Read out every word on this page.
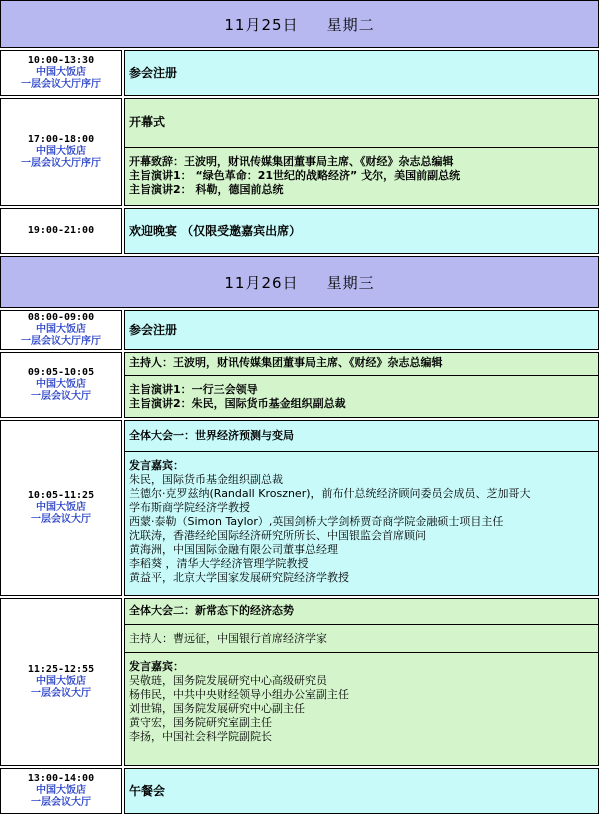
11月25日 星期二
10:00-13:30
中国大饭店
一层会议大厅序厅
参会注册
17:00-18:00
中国大饭店
一层会议大厅序厅
开幕式
开幕致辞：王波明，财讯传媒集团董事局主席、《财经》杂志总编辑
主旨演讲1： “绿色革命：21世纪的战略经济” 戈尔，美国前副总统
主旨演讲2： 科勒，德国前总统
19:00-21:00	欢迎晚宴 （仅限受邀嘉宾出席）
11月26日 星期三
08:00-09:00
中国大饭店
一层会议大厅序厅
参会注册
09:05-10:05
中国大饭店
一层会议大厅
主持人：王波明，财讯传媒集团董事局主席、《财经》杂志总编辑
主旨演讲1：一行三会领导
主旨演讲2：朱民，国际货币基金组织副总裁
10:05-11:25
中国大饭店
一层会议大厅
全体大会一：世界经济预测与变局
发言嘉宾：
朱民，国际货币基金组织副总裁
兰德尔·克罗兹纳(Randall Kroszner)，前布什总统经济顾问委员会成员、芝加哥大
学布斯商学院经济学教授
西蒙·泰勒（Simon Taylor）,英国剑桥大学剑桥贾奇商学院金融硕士项目主任
沈联涛，香港经纶国际经济研究所所长、中国银监会首席顾问
黄海洲，中国国际金融有限公司董事总经理
李稻葵 ，清华大学经济管理学院教授
黄益平，北京大学国家发展研究院经济学教授
11:25-12:55
中国大饭店
一层会议大厅
全体大会二：新常态下的经济态势
主持人：曹远征，中国银行首席经济学家
发言嘉宾：
吴敬琏，国务院发展研究中心高级研究员
杨伟民，中共中央财经领导小组办公室副主任
刘世锦，国务院发展研究中心副主任
黄守宏，国务院研究室副主任
李扬，中国社会科学院副院长
13:00-14:00
中国大饭店
一层会议大厅
午餐会
